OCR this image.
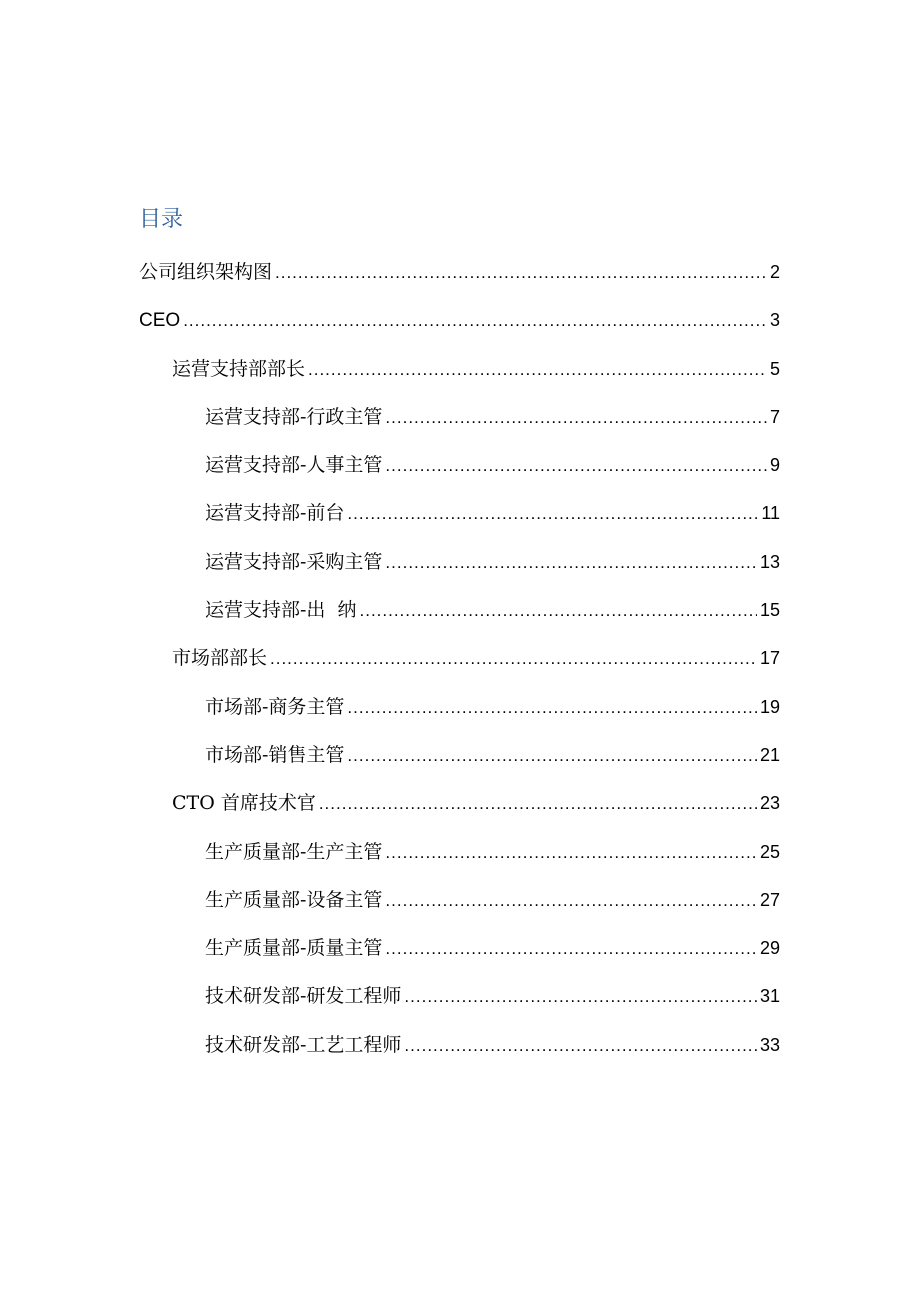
目录
公司组织架构图 .....	2
CEO .....	3
运营支持部部长 .....	5
运营支持部-行政主管 .....	7
运营支持部-人事主管 .....	9
运营支持部-前台 .....	11
运营支持部-采购主管 .....	13
运营支持部-出  纳 .....	15
市场部部长 .....	17
市场部-商务主管 .....	19
市场部-销售主管 .....	21
CTO 首席技术官 .....	23
生产质量部-生产主管 .....	25
生产质量部-设备主管 .....	27
生产质量部-质量主管 .....	29
技术研发部-研发工程师 .....	31
技术研发部-工艺工程师 .....	33
